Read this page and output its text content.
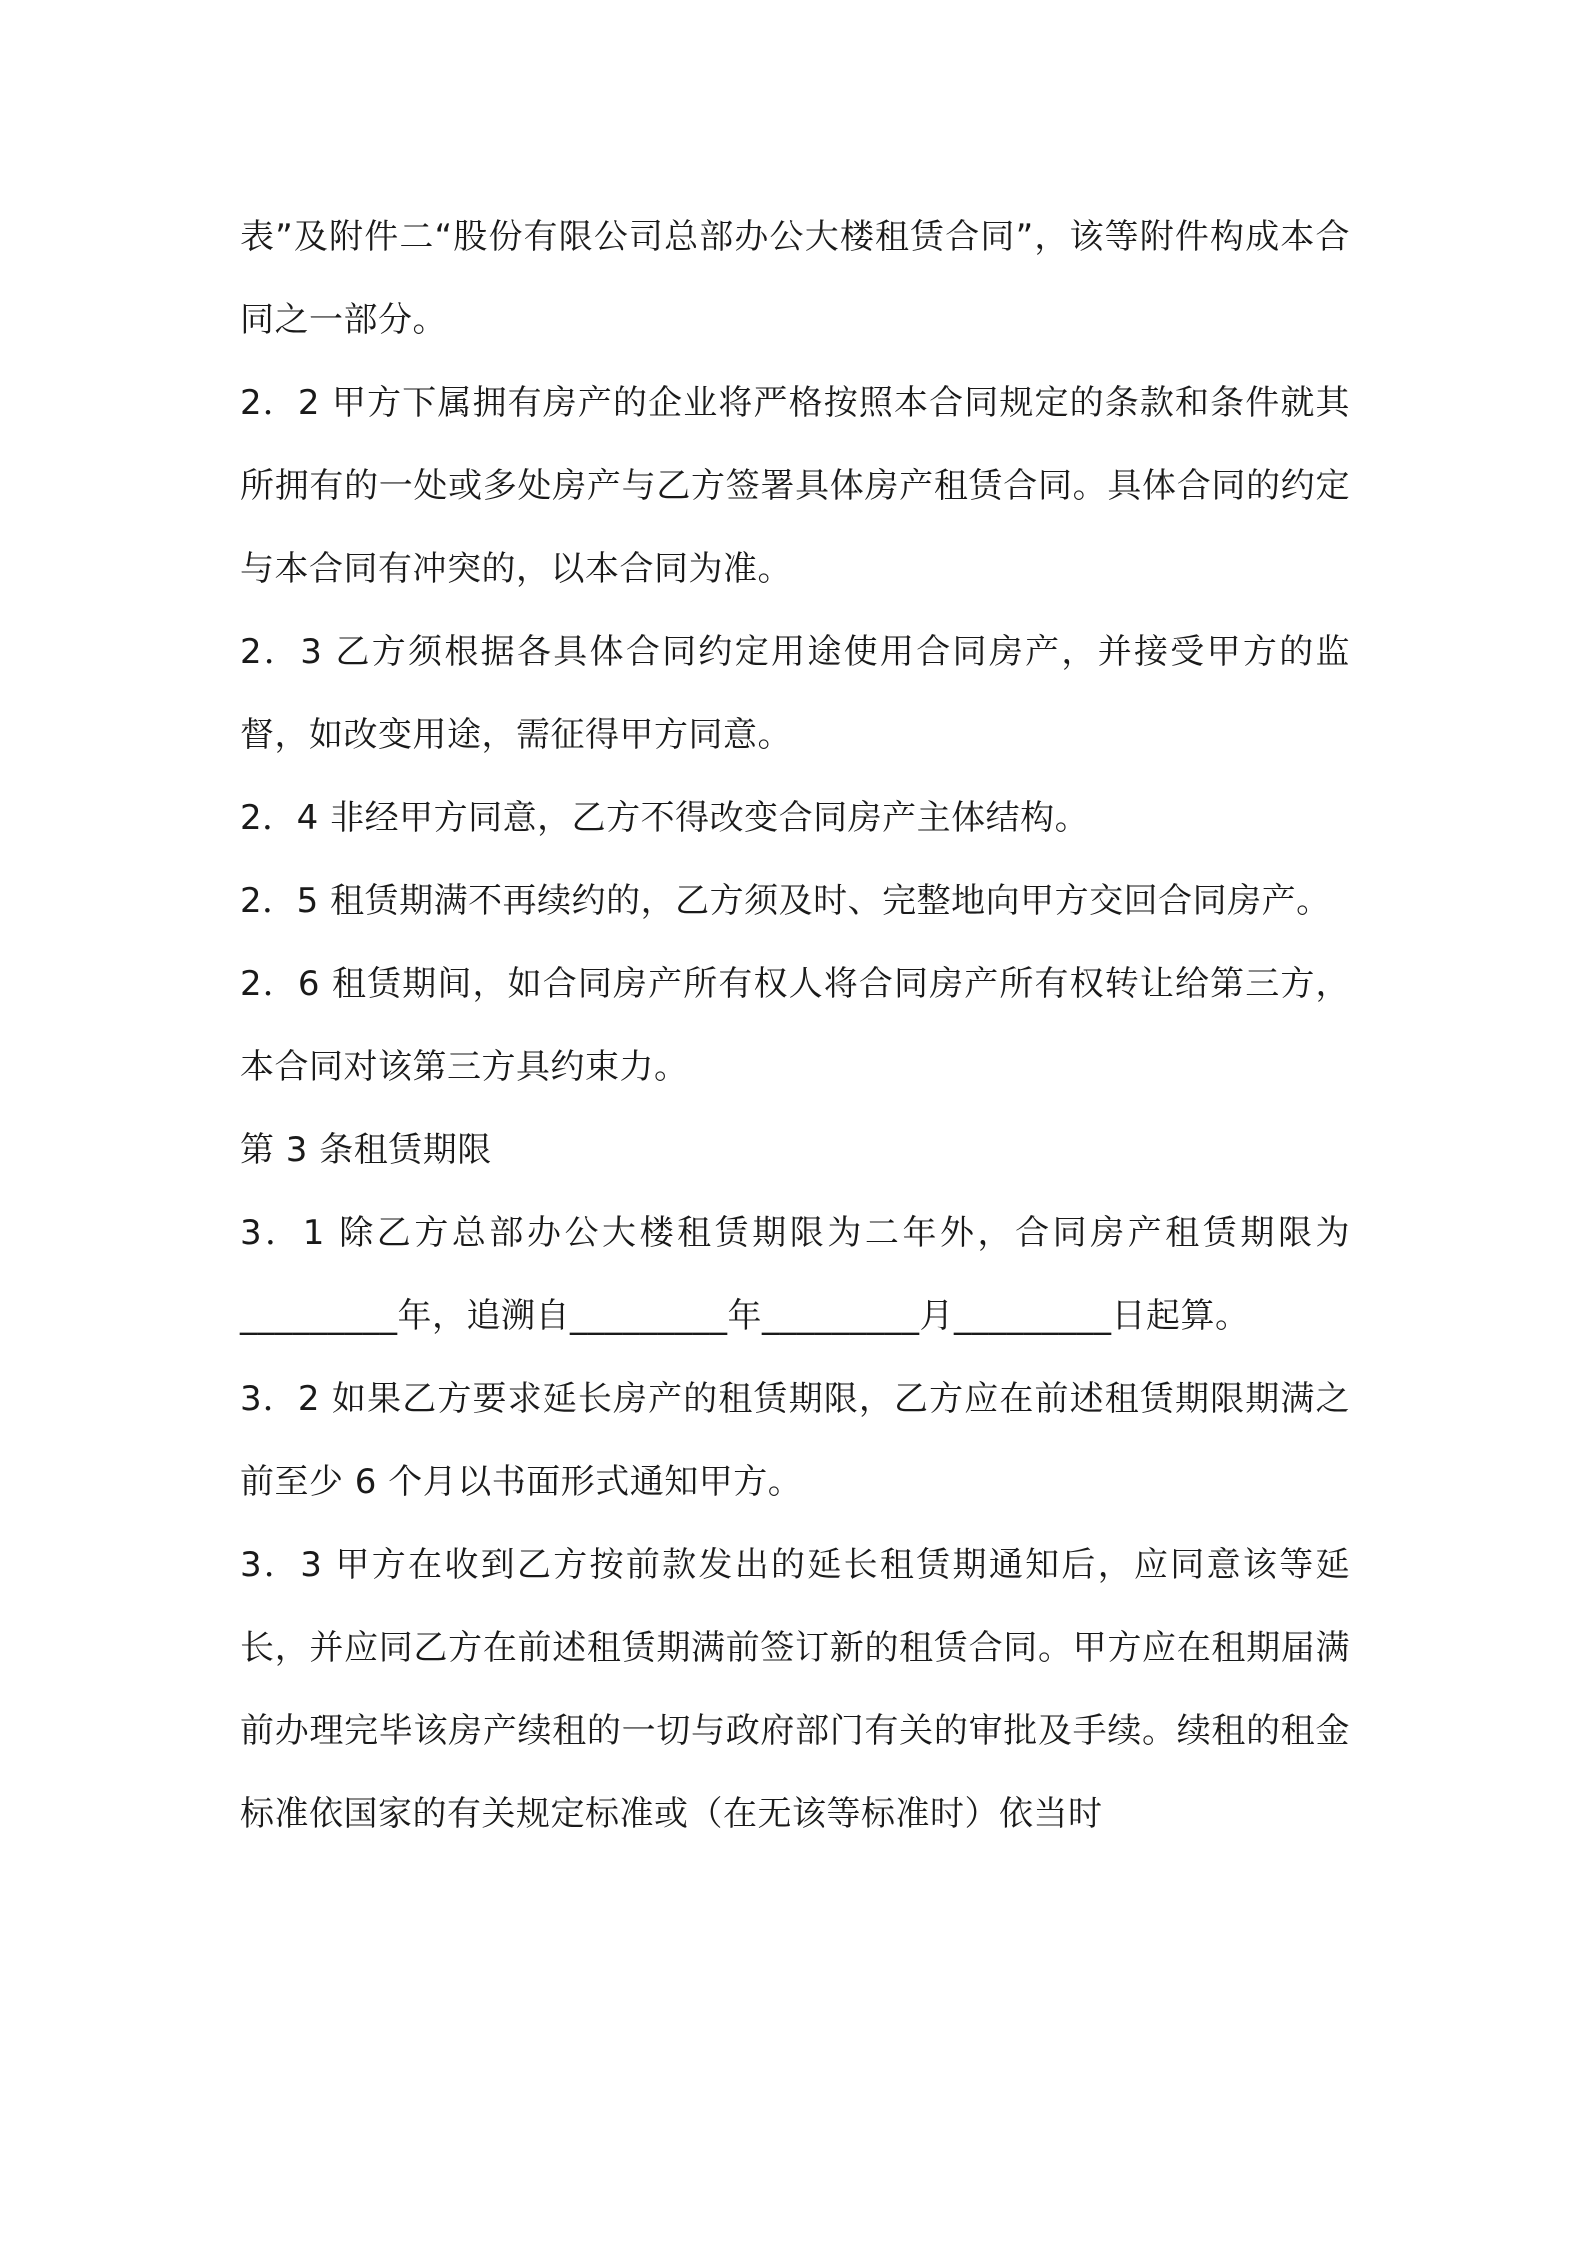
表”及附件二“股份有限公司总部办公大楼租赁合同”，该等附件构成本合同之一部分。

2．2 甲方下属拥有房产的企业将严格按照本合同规定的条款和条件就其所拥有的一处或多处房产与乙方签署具体房产租赁合同。具体合同的约定与本合同有冲突的，以本合同为准。

2．3 乙方须根据各具体合同约定用途使用合同房产，并接受甲方的监督，如改变用途，需征得甲方同意。

2．4 非经甲方同意，乙方不得改变合同房产主体结构。

2．5 租赁期满不再续约的，乙方须及时、完整地向甲方交回合同房产。

2．6 租赁期间，如合同房产所有权人将合同房产所有权转让给第三方，本合同对该第三方具约束力。

第 3 条租赁期限

3．1 除乙方总部办公大楼租赁期限为二年外，合同房产租赁期限为_________年，追溯自_________年_________月_________日起算。

3．2 如果乙方要求延长房产的租赁期限，乙方应在前述租赁期限期满之前至少 6 个月以书面形式通知甲方。

3．3 甲方在收到乙方按前款发出的延长租赁期通知后，应同意该等延长，并应同乙方在前述租赁期满前签订新的租赁合同。甲方应在租期届满前办理完毕该房产续租的一切与政府部门有关的审批及手续。续租的租金标准依国家的有关规定标准或（在无该等标准时）依当时
